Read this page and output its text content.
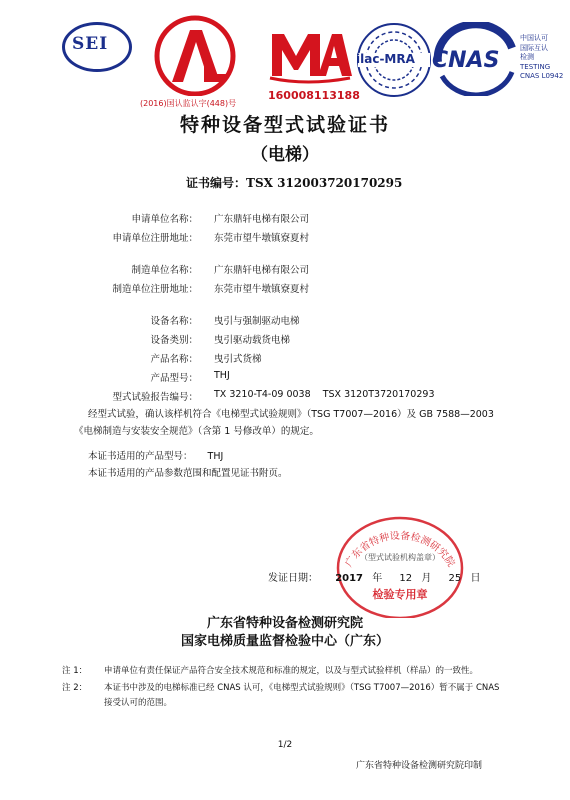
SEI
(2016)国认监认字(448)号
160008113188
ilac-MRA CNAS
中国认可
国际互认
检测
TESTING
CNAS L0942
特种设备型式试验证书
（电梯）
证书编号：TSX 312003720170295
申请单位名称： 广东鼎轩电梯有限公司
申请单位注册地址： 东莞市望牛墩镇寮夏村
制造单位名称： 广东鼎轩电梯有限公司
制造单位注册地址： 东莞市望牛墩镇寮夏村
设备名称： 曳引与强制驱动电梯
设备类别： 曳引驱动载货电梯
产品名称： 曳引式货梯
产品型号： THJ
型式试验报告编号： TX 3210-T4-09 0038    TSX 3120T3720170293
经型式试验，确认该样机符合《电梯型式试验规则》（TSG T7007—2016）及 GB 7588—2003
《电梯制造与安装安全规范》（含第 1 号修改单）的规定。
本证书适用的产品型号： THJ
本证书适用的产品参数范围和配置见证书附页。
广东省特种设备检测研究院
（型式试验机构盖章）
检验专用章
发证日期： 2017 年 12 月 25 日
广东省特种设备检测研究院
国家电梯质量监督检验中心（广东）
注 1： 申请单位有责任保证产品符合安全技术规范和标准的规定，以及与型式试验样机（样品）的一致性。
注 2： 本证书中涉及的电梯标准已经 CNAS 认可，《电梯型式试验规则》（TSG T7007—2016）暂不属于 CNAS
接受认可的范围。
1/2
广东省特种设备检测研究院印制
